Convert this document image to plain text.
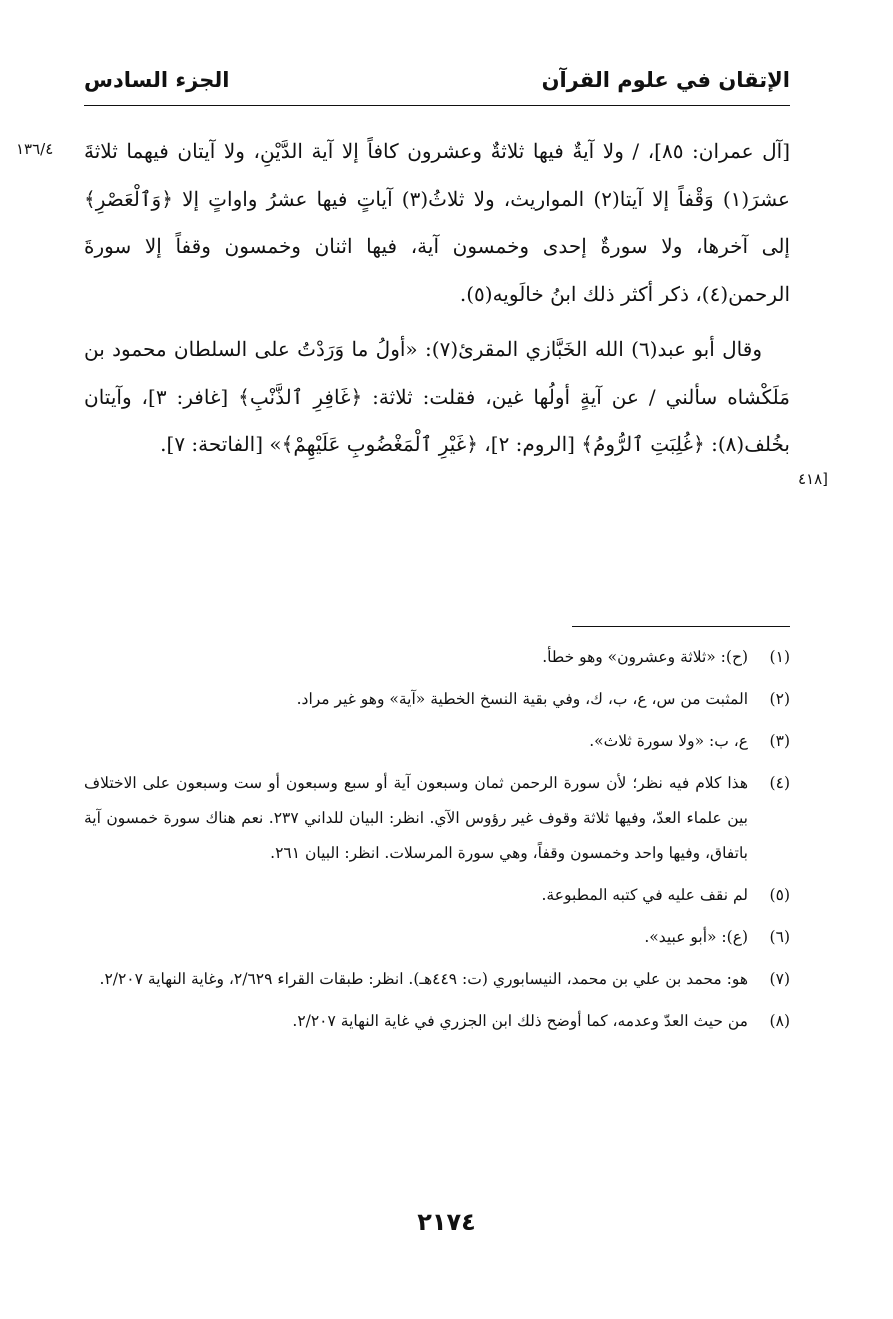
الإتقان في علوم القرآن
الجزء السادس
١٣٦/٤
[٤١٨

[آل عمران: ٨٥]، / ولا آيةٌ فيها ثلاثةٌ وعشرون كافاً إلا آية الدَّيْنِ، ولا آيتان فيهما ثلاثةَ عشرَ(١) وَقْفاً إلا آيتا(٢) المواريث، ولا ثلاثُ(٣) آياتٍ فيها عشرُ واواتٍ إلا ﴿وَٱلْعَصْرِ﴾ إلى آخرها، ولا سورةٌ إحدى وخمسون آية، فيها اثنان وخمسون وقفاً إلا سورةَ الرحمن(٤)، ذكر أكثر ذلك ابنُ خالَويه(٥).

وقال أبو عبد(٦) الله الخَبَّازي المقرئ(٧): «أولُ ما وَرَدْتُ على السلطان محمود بن مَلَكْشاه سألني / عن آيةٍ أولُها غين، فقلت: ثلاثة: ﴿غَافِرِ ٱلذَّنْبِ﴾ [غافر: ٣]، وآيتان بخُلف(٨): ﴿غُلِبَتِ ٱلرُّومُ﴾ [الروم: ٢]، ﴿غَيْرِ ٱلْمَغْضُوبِ عَلَيْهِمْ﴾» [الفاتحة: ٧].

(١)
(ح): «ثلاثة وعشرون» وهو خطأ.
(٢)
المثبت من س، ع، ب، ك، وفي بقية النسخ الخطية «آية» وهو غير مراد.
(٣)
ع، ب: «ولا سورة ثلاث».
(٤)
هذا كلام فيه نظر؛ لأن سورة الرحمن ثمان وسبعون آية أو سبع وسبعون أو ست وسبعون على الاختلاف بين علماء العدّ، وفيها ثلاثة وقوف غير رؤوس الآي. انظر: البيان للداني ٢٣٧. نعم هناك سورة خمسون آية باتفاق، وفيها واحد وخمسون وقفاً، وهي سورة المرسلات. انظر: البيان ٢٦١.
(٥)
لم نقف عليه في كتبه المطبوعة.
(٦)
(ع): «أبو عبيد».
(٧)
هو: محمد بن علي بن محمد، النيسابوري (ت: ٤٤٩هـ). انظر: طبقات القراء ٢/٦٢٩، وغاية النهاية ٢/٢٠٧.
(٨)
من حيث العدّ وعدمه، كما أوضح ذلك ابن الجزري في غاية النهاية ٢/٢٠٧.
٢١٧٤
